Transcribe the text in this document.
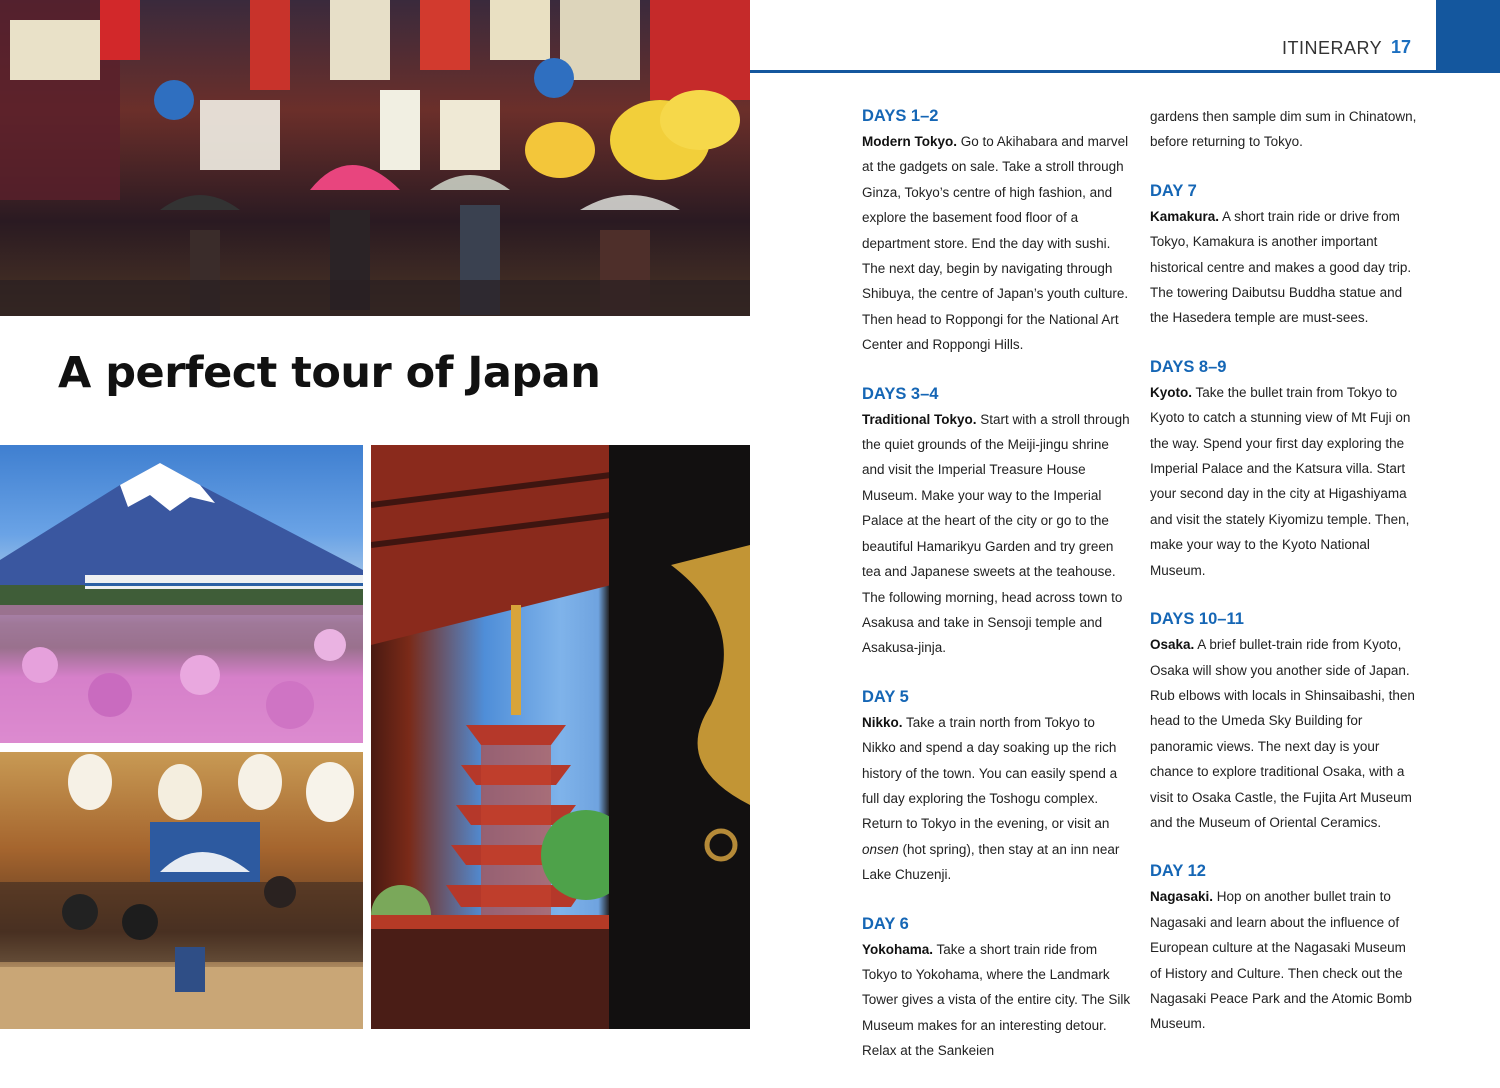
A perfect tour of Japan
ITINERARY 17
DAYS 1–2

Modern Tokyo. Go to Akihabara and marvel at the gadgets on sale. Take a stroll through Ginza, Tokyo’s centre of high fashion, and explore the basement food floor of a department store. End the day with sushi. The next day, begin by navigating through Shibuya, the centre of Japan’s youth culture. Then head to Roppongi for the National Art Center and Roppongi Hills.

DAYS 3–4

Traditional Tokyo. Start with a stroll through the quiet grounds of the Meiji-jingu shrine and visit the Imperial Treasure House Museum. Make your way to the Imperial Palace at the heart of the city or go to the beautiful Hamarikyu Garden and try green tea and Japanese sweets at the teahouse. The following morning, head across town to Asakusa and take in Sensoji temple and Asakusa-jinja.

DAY 5

Nikko. Take a train north from Tokyo to Nikko and spend a day soaking up the rich history of the town. You can easily spend a full day exploring the Toshogu complex. Return to Tokyo in the evening, or visit an onsen (hot spring), then stay at an inn near Lake Chuzenji.

DAY 6

Yokohama. Take a short train ride from Tokyo to Yokohama, where the Landmark Tower gives a vista of the entire city. The Silk Museum makes for an interesting detour. Relax at the Sankeien

gardens then sample dim sum in Chinatown, before returning to Tokyo.

DAY 7

Kamakura. A short train ride or drive from Tokyo, Kamakura is another important historical centre and makes a good day trip. The towering Daibutsu Buddha statue and the Hasedera temple are must-sees.

DAYS 8–9

Kyoto. Take the bullet train from Tokyo to Kyoto to catch a stunning view of Mt Fuji on the way. Spend your first day exploring the Imperial Palace and the Katsura villa. Start your second day in the city at Higashiyama and visit the stately Kiyomizu temple. Then, make your way to the Kyoto National Museum.

DAYS 10–11

Osaka. A brief bullet-train ride from Kyoto, Osaka will show you another side of Japan. Rub elbows with locals in Shinsaibashi, then head to the Umeda Sky Building for panoramic views. The next day is your chance to explore traditional Osaka, with a visit to Osaka Castle, the Fujita Art Museum and the Museum of Oriental Ceramics.

DAY 12

Nagasaki. Hop on another bullet train to Nagasaki and learn about the influence of European culture at the Nagasaki Museum of History and Culture. Then check out the Nagasaki Peace Park and the Atomic Bomb Museum.
